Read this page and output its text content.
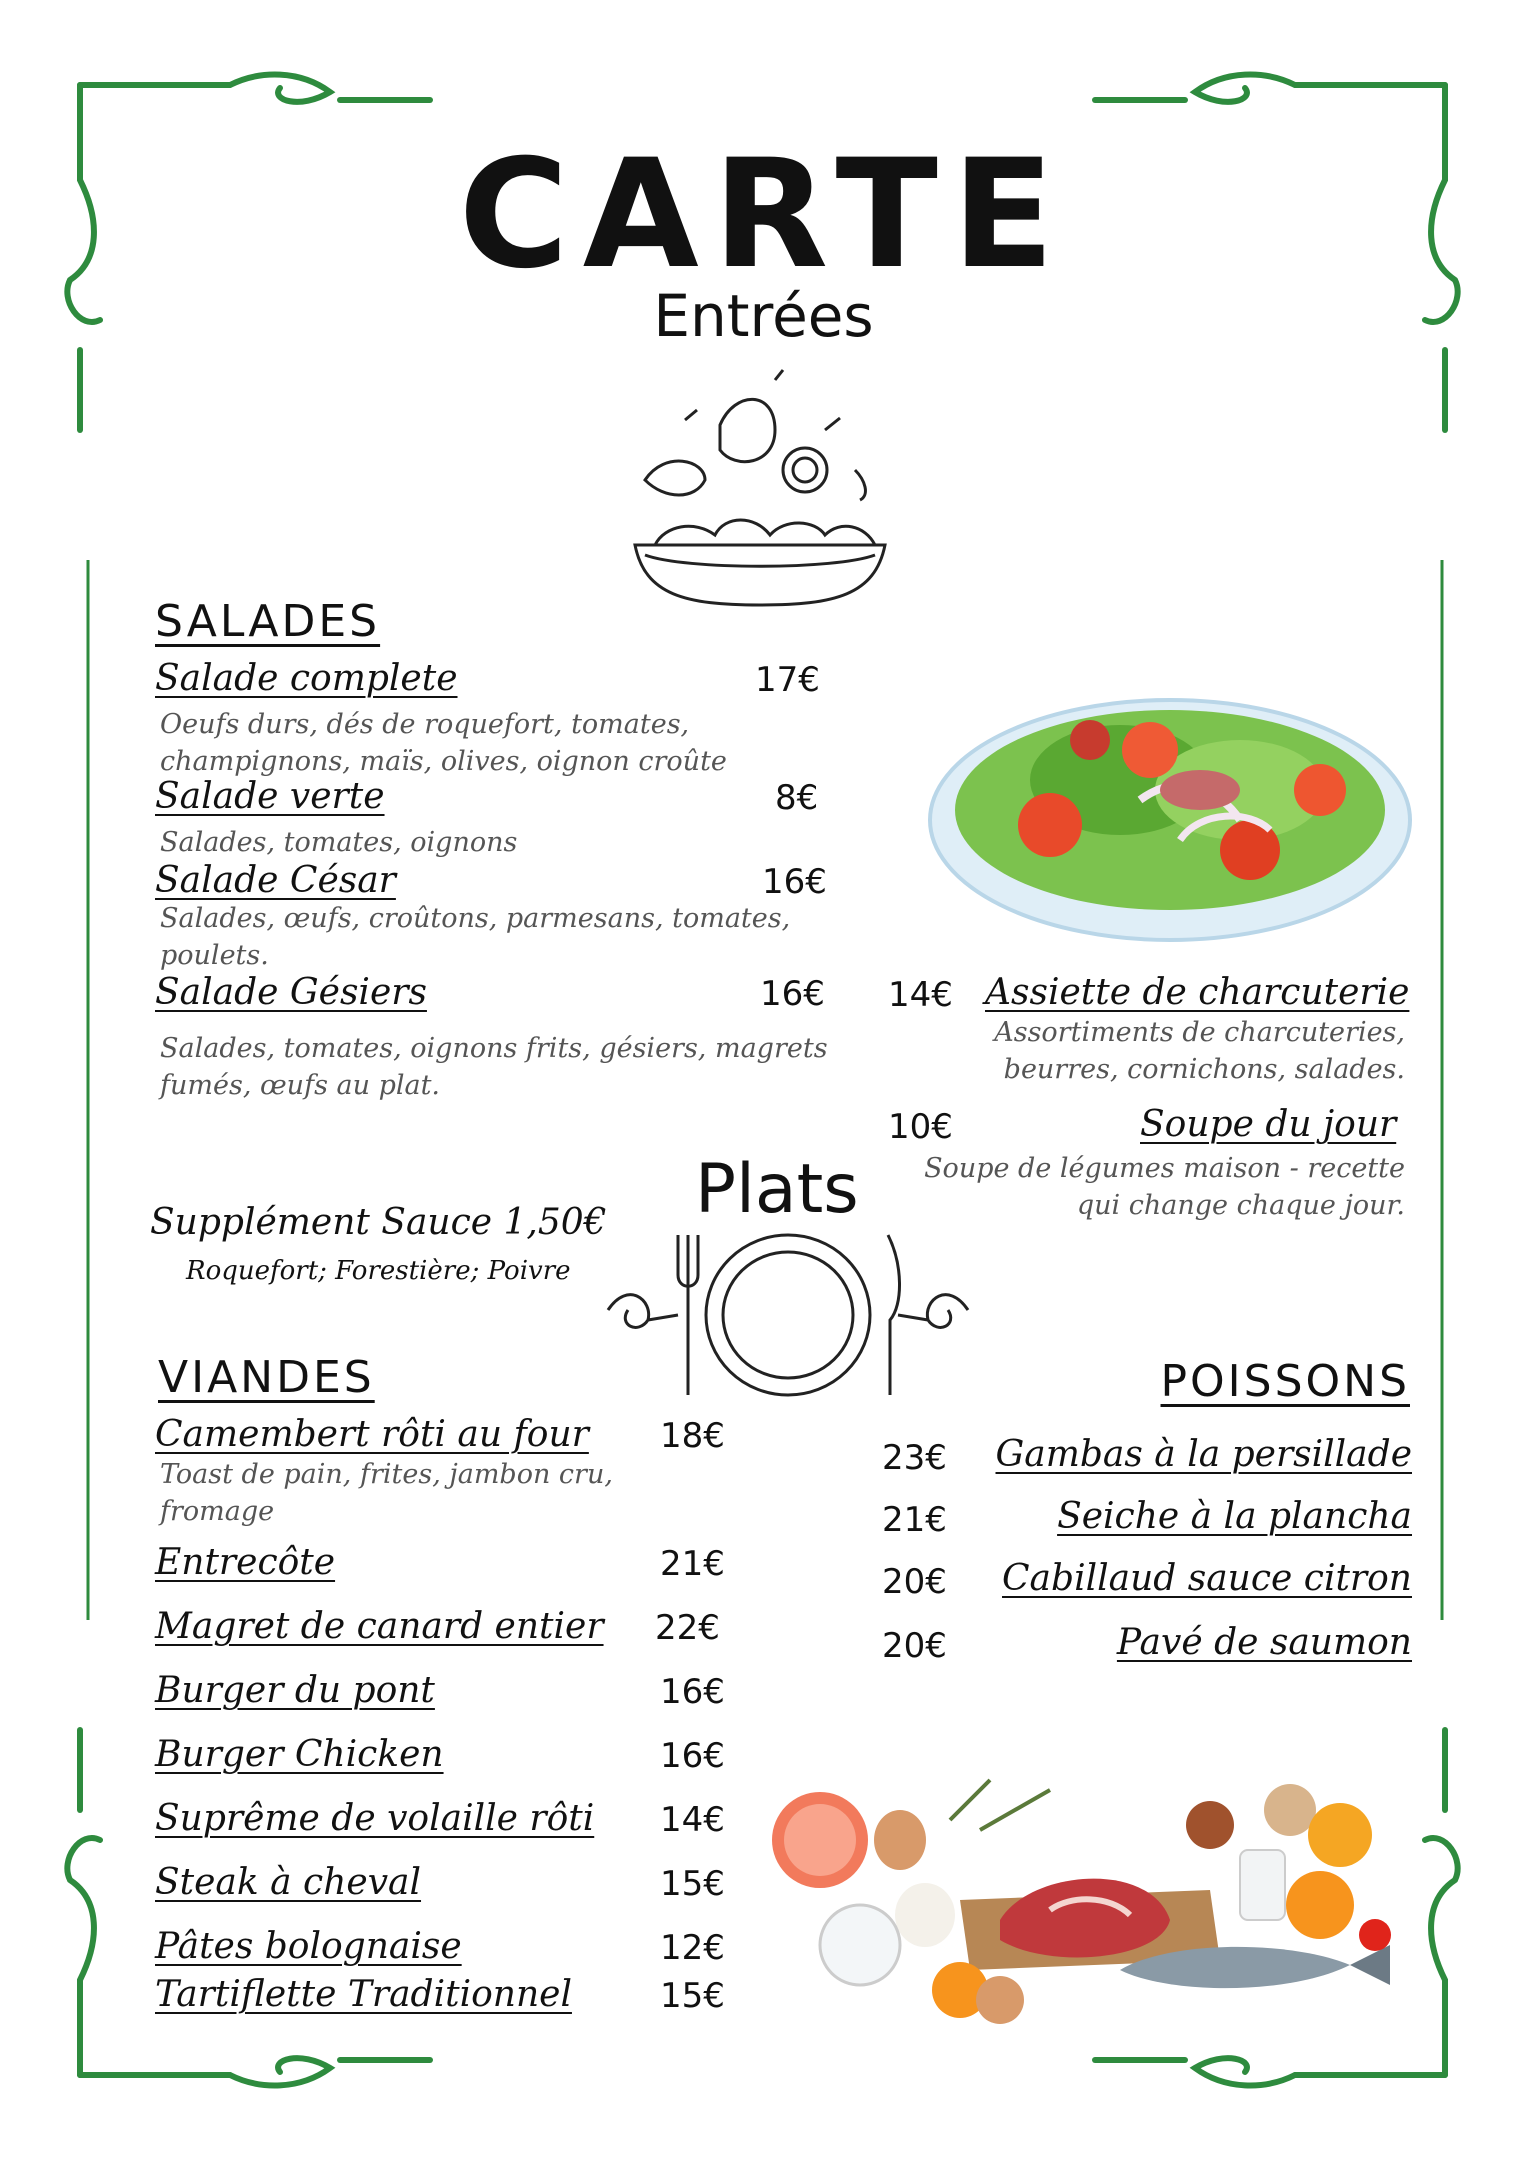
CARTE
Entrées
SALADES
Salade complete	17€
Oeufs durs, dés de roquefort, tomates, champignons, maïs, olives, oignon croûte
Salade verte	8€
Salades, tomates, oignons
Salade César	16€
Salades, œufs, croûtons, parmesans, tomates, poulets.
Salade Gésiers	16€
Salades, tomates, oignons frits, gésiers, magrets fumés, œufs au plat.
14€ Assiette de charcuterie
Assortiments de charcuteries, beurres, cornichons, salades.
10€	Soupe du jour
Soupe de légumes maison - recette qui change chaque jour.
Plats
Supplément Sauce 1,50€
Roquefort; Forestière; Poivre
VIANDES
Camembert rôti au four 18€
Toast de pain, frites, jambon cru, fromage
Entrecôte	21€
Magret de canard entier 22€
Burger du pont	16€
Burger Chicken	16€
Suprême de volaille rôti 14€
Steak à cheval	15€
Pâtes bolognaise	12€
Tartiflette Traditionnel	15€
POISSONS
23€	Gambas à la persillade
21€	Seiche à la plancha
20€	Cabillaud sauce citron
20€	Pavé de saumon
